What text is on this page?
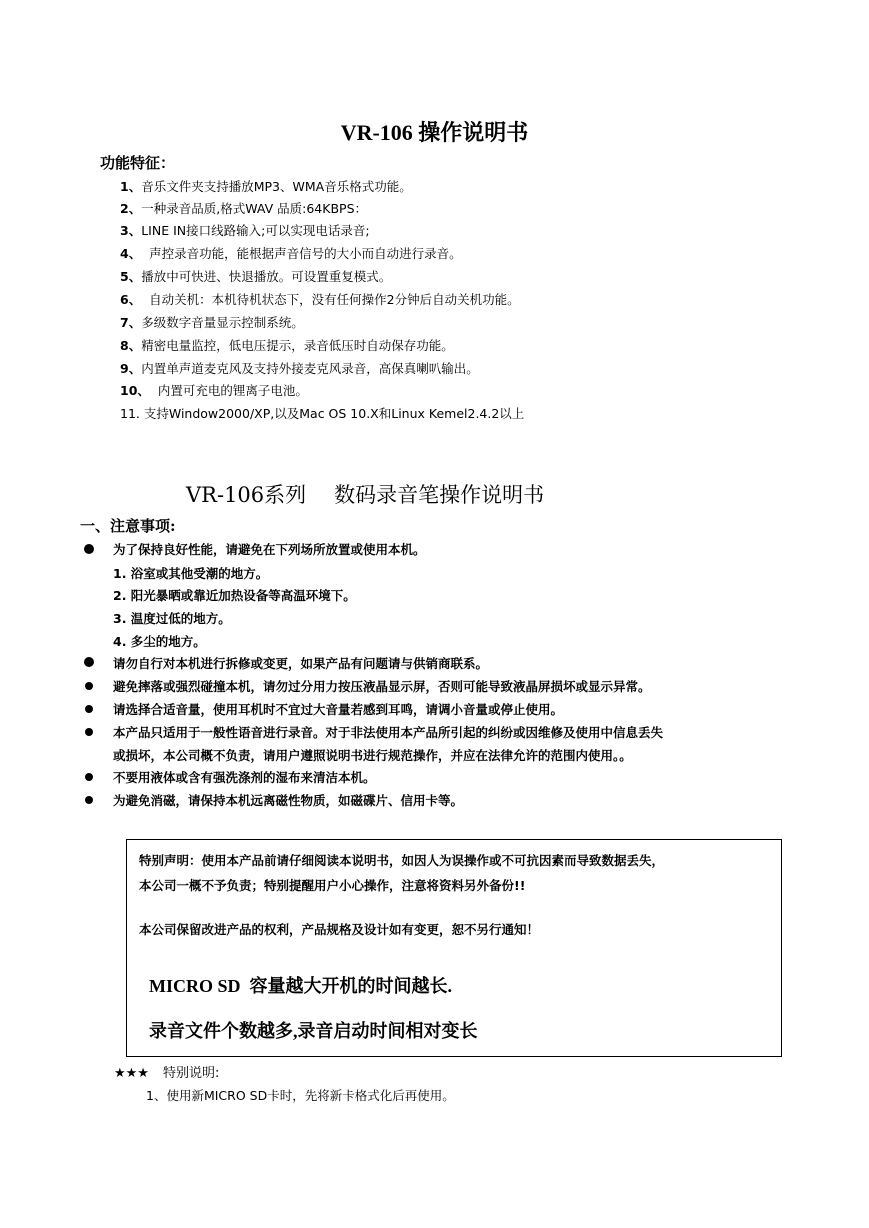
VR-106 操作说明书
功能特征：
1、音乐文件夹支持播放MP3、WMA音乐格式功能。
2、一种录音品质,格式WAV 品质:64KBPS：
3、LINE IN接口线路输入;可以实现电话录音;
4、  声控录音功能，能根据声音信号的大小而自动进行录音。
5、播放中可快进、快退播放。可设置重复模式。
6、  自动关机：本机待机状态下，没有任何操作2分钟后自动关机功能。
7、多级数字音量显示控制系统。
8、精密电量监控，低电压提示，录音低压时自动保存功能。
9、内置单声道麦克风及支持外接麦克风录音，高保真喇叭输出。
10、  内置可充电的锂离子电池。
11. 支持Window2000/XP,以及Mac OS 10.X和Linux Kemel2.4.2以上
VR-106系列 数码录音笔操作说明书
一、注意事项:
为了保持良好性能，请避免在下列场所放置或使用本机。
1. 浴室或其他受潮的地方。
2. 阳光暴晒或靠近加热设备等高温环境下。
3. 温度过低的地方。
4. 多尘的地方。
请勿自行对本机进行拆修或变更，如果产品有问题请与供销商联系。
避免摔落或强烈碰撞本机，请勿过分用力按压液晶显示屏，否则可能导致液晶屏损坏或显示异常。
请选择合适音量，使用耳机时不宜过大音量若感到耳鸣，请调小音量或停止使用。
本产品只适用于一般性语音进行录音。对于非法使用本产品所引起的纠纷或因维修及使用中信息丢失
或损坏，本公司概不负责，请用户遵照说明书进行规范操作，并应在法律允许的范围内使用。。
不要用液体或含有强洗涤剂的湿布来清洁本机。
为避免消磁，请保持本机远离磁性物质，如磁碟片、信用卡等。
特别声明：使用本产品前请仔细阅读本说明书，如因人为误操作或不可抗因素而导致数据丢失，
本公司一概不予负责；特别提醒用户小心操作，注意将资料另外备份!!
本公司保留改进产品的权利，产品规格及设计如有变更，恕不另行通知！
MICRO SD  容量越大开机的时间越长.
录音文件个数越多,录音启动时间相对变长
★★★ 特别说明:
1、使用新MICRO SD卡时，先将新卡格式化后再使用。
